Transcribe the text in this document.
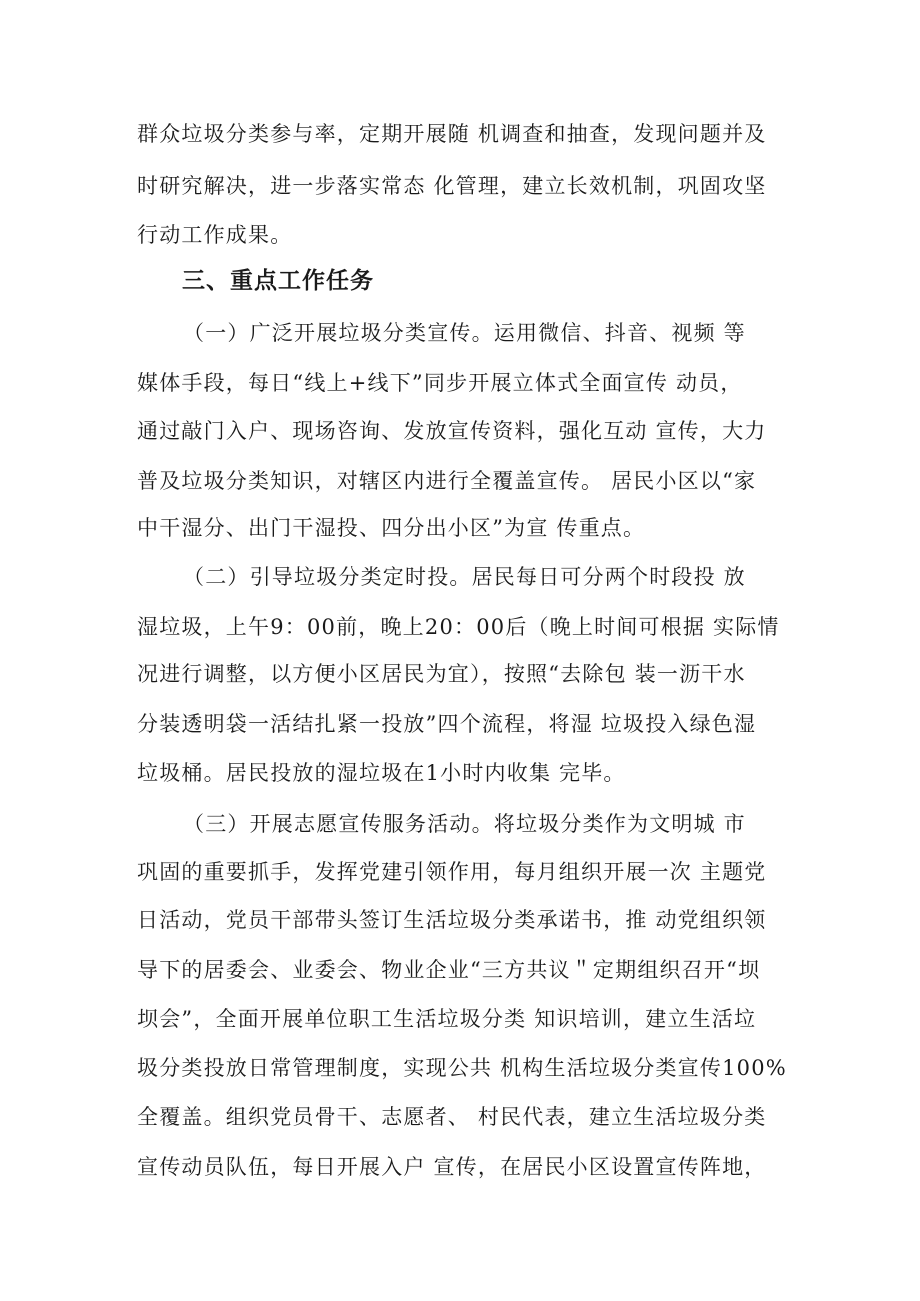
群众垃圾分类参与率，定期开展随 机调查和抽查，发现问题并及
时研究解决，进一步落实常态 化管理，建立长效机制，巩固攻坚
行动工作成果。
三、重点工作任务
（一）广泛开展垃圾分类宣传。运用微信、抖音、视频 等
媒体手段，每日“线上+线下”同步开展立体式全面宣传 动员，
通过敲门入户、现场咨询、发放宣传资料，强化互动 宣传，大力
普及垃圾分类知识，对辖区内进行全覆盖宣传。 居民小区以“家
中干湿分、出门干湿投、四分出小区”为宣 传重点。
（二）引导垃圾分类定时投。居民每日可分两个时段投 放
湿垃圾，上午9：00前，晚上20：00后（晚上时间可根据 实际情
况进行调整，以方便小区居民为宜），按照“去除包 装一沥干水
分装透明袋一活结扎紧一投放”四个流程，将湿 垃圾投入绿色湿
垃圾桶。居民投放的湿垃圾在1小时内收集 完毕。
（三）开展志愿宣传服务活动。将垃圾分类作为文明城 市
巩固的重要抓手，发挥党建引领作用，每月组织开展一次 主题党
日活动，党员干部带头签订生活垃圾分类承诺书，推 动党组织领
导下的居委会、业委会、物业企业“三方共议＂定期组织召开“坝
坝会”，全面开展单位职工生活垃圾分类 知识培训，建立生活垃
圾分类投放日常管理制度，实现公共 机构生活垃圾分类宣传100%
全覆盖。组织党员骨干、志愿者、 村民代表，建立生活垃圾分类
宣传动员队伍，每日开展入户 宣传，在居民小区设置宣传阵地，
